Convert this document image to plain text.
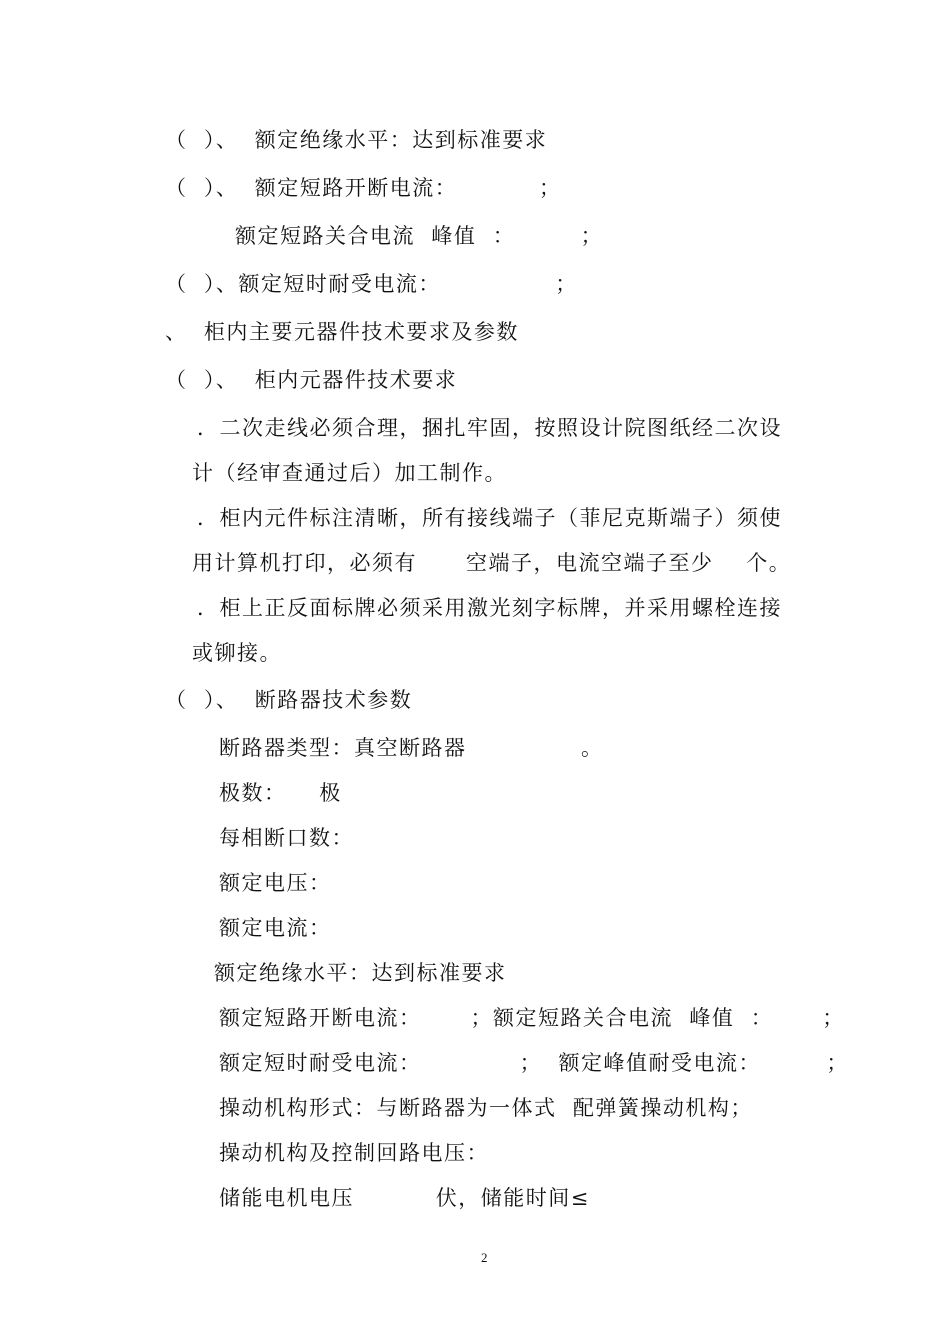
（  ）、  额定绝缘水平：达到标准要求
（  ）、  额定短路开断电流：          ；
额定短路关合电流  峰值  ：        ；
（  ）、额定短时耐受电流：              ；
、  柜内主要元器件技术要求及参数
（  ）、  柜内元器件技术要求
．二次走线必须合理，捆扎牢固，按照设计院图纸经二次设
计（经审查通过后）加工制作。
．柜内元件标注清晰，所有接线端子（菲尼克斯端子）须使
用计算机打印，必须有      空端子，电流空端子至少    个。
．柜上正反面标牌必须采用激光刻字标牌，并采用螺栓连接
或铆接。
（  ）、  断路器技术参数
断路器类型：真空断路器              。
极数：    极
每相断口数：
额定电压：
额定电流：
额定绝缘水平：达到标准要求
额定短路开断电流：      ；额定短路关合电流  峰值  ：      ；
额定短时耐受电流：            ；  额定峰值耐受电流：        ；
操动机构形式：与断路器为一体式  配弹簧操动机构；
操动机构及控制回路电压：
储能电机电压          伏，储能时间≤
2
